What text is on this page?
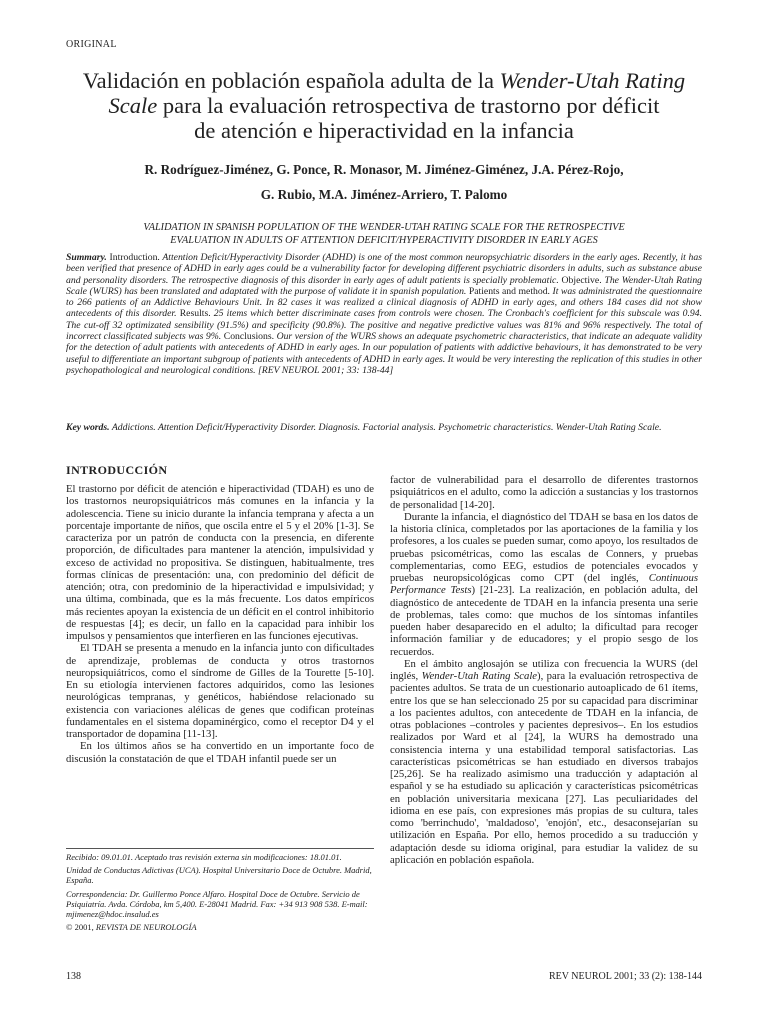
ORIGINAL
Validación en población española adulta de la Wender-Utah Rating
Scale para la evaluación retrospectiva de trastorno por déficit
de atención e hiperactividad en la infancia
R. Rodríguez-Jiménez, G. Ponce, R. Monasor, M. Jiménez-Giménez, J.A. Pérez-Rojo,
G. Rubio, M.A. Jiménez-Arriero, T. Palomo
VALIDATION IN SPANISH POPULATION OF THE WENDER-UTAH RATING SCALE FOR THE RETROSPECTIVE
EVALUATION IN ADULTS OF ATTENTION DEFICIT/HYPERACTIVITY DISORDER IN EARLY AGES
Summary. Introduction. Attention Deficit/Hyperactivity Disorder (ADHD) is one of the most common neuropsychiatric disorders in the early ages. Recently, it has been verified that presence of ADHD in early ages could be a vulnerability factor for developing different psychiatric disorders in adults, such as substance abuse and personality disorders. The retrospective diagnosis of this disorder in early ages of adult patients is specially problematic. Objective. The Wender-Utah Rating Scale (WURS) has been translated and adaptated with the purpose of validate it in spanish population. Patients and method. It was administrated the questionnaire to 266 patients of an Addictive Behaviours Unit. In 82 cases it was realized a clinical diagnosis of ADHD in early ages, and others 184 cases did not show antecedents of this disorder. Results. 25 items which better discriminate cases from controls were chosen. The Cronbach's coefficient for this subscale was 0.94. The cut-off 32 optimizated sensibility (91.5%) and specificity (90.8%). The positive and negative predictive values was 81% and 96% respectively. The total of incorrect classificated subjects was 9%. Conclusions. Our version of the WURS shows an adequate psychometric characteristics, that indicate an adequate validity for the detection of adult patients with antecedents of ADHD in early ages. In our population of patients with addictive behaviours, it has demonstrated to be very useful to differentiate an important subgroup of patients with antecedents of ADHD in early ages. It would be very interesting the replication of this studies in other psychopathological and neurological conditions. [REV NEUROL 2001; 33: 138-44]
Key words. Addictions. Attention Deficit/Hyperactivity Disorder. Diagnosis. Factorial analysis. Psychometric characteristics. Wender-Utah Rating Scale.
INTRODUCCIÓN

El trastorno por déficit de atención e hiperactividad (TDAH) es uno de los trastornos neuropsiquiátricos más comunes en la infancia y la adolescencia. Tiene su inicio durante la infancia temprana y afecta a un porcentaje importante de niños, que oscila entre el 5 y el 20% [1-3]. Se caracteriza por un patrón de conducta con la presencia, en diferente proporción, de dificultades para mantener la atención, impulsividad y exceso de actividad no propositiva. Se distinguen, habitualmente, tres formas clínicas de presentación: una, con predominio del déficit de atención; otra, con predominio de la hiperactividad e impulsividad; y una última, combinada, que es la más frecuente. Los datos empíricos más recientes apoyan la existencia de un déficit en el control inhibitorio de respuestas [4]; es decir, un fallo en la capacidad para inhibir los impulsos y pensamientos que interfieren en las funciones ejecutivas.

El TDAH se presenta a menudo en la infancia junto con dificultades de aprendizaje, problemas de conducta y otros trastornos neuropsiquiátricos, como el síndrome de Gilles de la Tourette [5-10]. En su etiología intervienen factores adquiridos, como las lesiones neurológicas tempranas, y genéticos, habiéndose relacionado su existencia con variaciones alélicas de genes que codifican proteínas fundamentales en el sistema dopaminérgico, como el receptor D4 y el transportador de dopamina [11-13].

En los últimos años se ha convertido en un importante foco de discusión la constatación de que el TDAH infantil puede ser un

factor de vulnerabilidad para el desarrollo de diferentes trastornos psiquiátricos en el adulto, como la adicción a sustancias y los trastornos de personalidad [14-20].

Durante la infancia, el diagnóstico del TDAH se basa en los datos de la historia clínica, completados por las aportaciones de la familia y los profesores, a los cuales se pueden sumar, como apoyo, los resultados de pruebas psicométricas, como las escalas de Conners, y pruebas complementarias, como EEG, estudios de potenciales evocados y pruebas neuropsicológicas como CPT (del inglés, Continuous Performance Tests) [21-23]. La realización, en población adulta, del diagnóstico de antecedente de TDAH en la infancia presenta una serie de problemas, tales como: que muchos de los síntomas infantiles pueden haber desaparecido en el adulto; la dificultad para recoger información familiar y de educadores; y el propio sesgo de los recuerdos.

En el ámbito anglosajón se utiliza con frecuencia la WURS (del inglés, Wender-Utah Rating Scale), para la evaluación retrospectiva de pacientes adultos. Se trata de un cuestionario autoaplicado de 61 ítems, entre los que se han seleccionado 25 por su capacidad para discriminar a los pacientes adultos, con antecedente de TDAH en la infancia, de otras poblaciones –controles y pacientes depresivos–. En los estudios realizados por Ward et al [24], la WURS ha demostrado una consistencia interna y una estabilidad temporal satisfactorias. Las características psicométricas se han estudiado en diversos trabajos [25,26]. Se ha realizado asimismo una traducción y adaptación al español y se ha estudiado su aplicación y características psicométricas en población universitaria mexicana [27]. Las peculiaridades del idioma en ese país, con expresiones más propias de su cultura, tales como 'berrinchudo', 'maldadoso', 'enojón', etc., desaconsejarían su utilización en España. Por ello, hemos procedido a su traducción y adaptación desde su idioma original, para estudiar la validez de su aplicación en población española.

Recibido: 09.01.01. Aceptado tras revisión externa sin modificaciones: 18.01.01.

Unidad de Conductas Adictivas (UCA). Hospital Universitario Doce de Octubre. Madrid, España.

Correspondencia: Dr. Guillermo Ponce Alfaro. Hospital Doce de Octubre. Servicio de Psiquiatría. Avda. Córdoba, km 5,400. E-28041 Madrid. Fax: +34 913 908 538. E-mail: mjimenez@hdoc.insalud.es

© 2001, REVISTA DE NEUROLOGÍA

138	REV NEUROL 2001; 33 (2): 138-144
